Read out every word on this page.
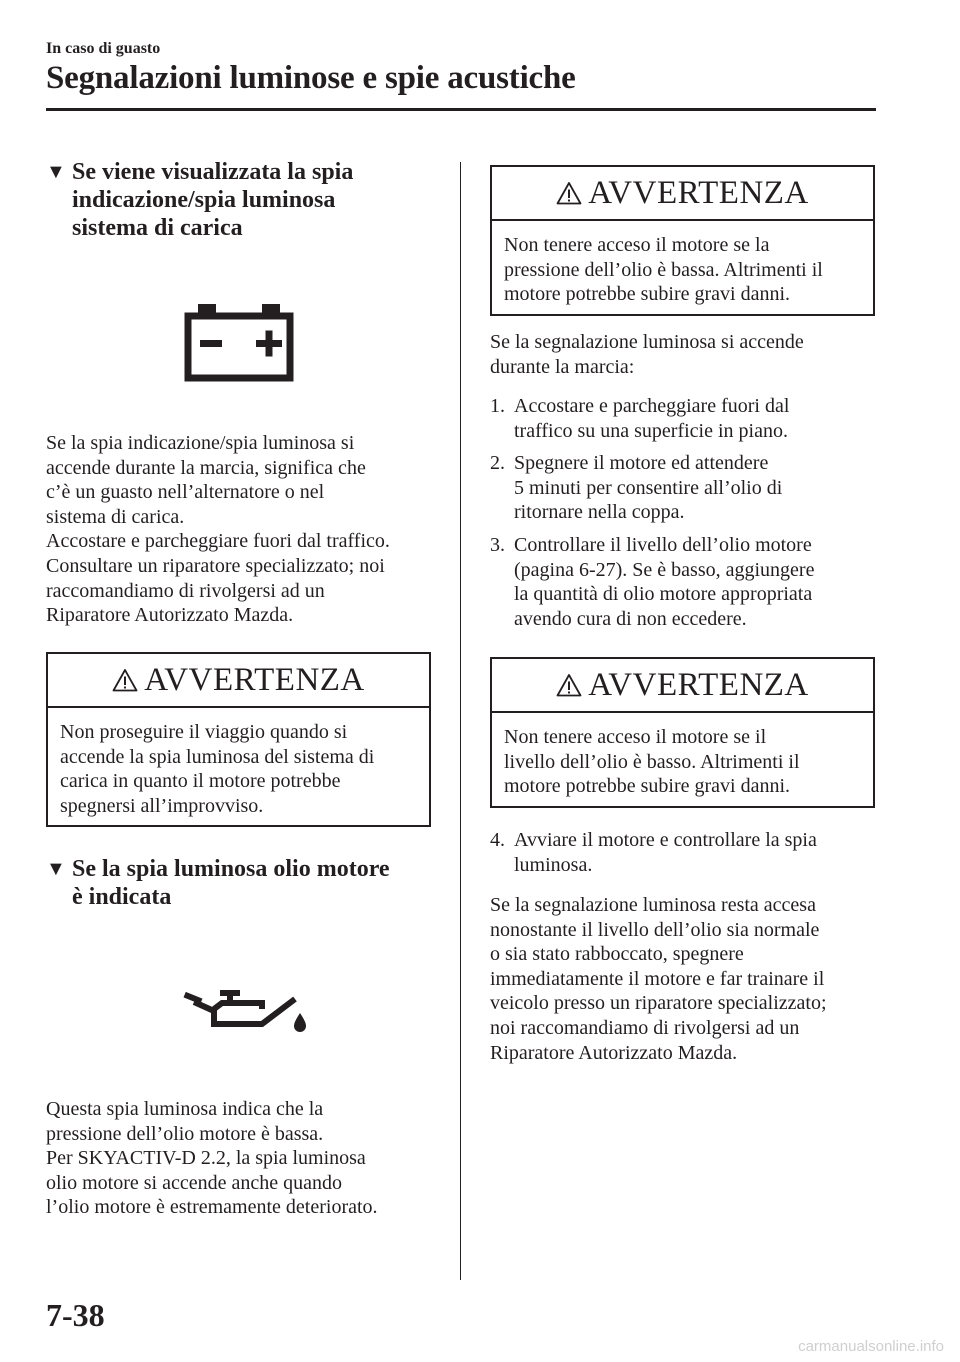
In caso di guasto
Segnalazioni luminose e spie acustiche
▼ Se viene visualizzata la spia
indicazione/spia luminosa
sistema di carica

Se la spia indicazione/spia luminosa si

accende durante la marcia, significa che

c’è un guasto nell’alternatore o nel

sistema di carica.

Accostare e parcheggiare fuori dal traffico.

Consultare un riparatore specializzato; noi

raccomandiamo di rivolgersi ad un

Riparatore Autorizzato Mazda.

AVVERTENZA
Non proseguire il viaggio quando si
accende la spia luminosa del sistema di
carica in quanto il motore potrebbe
spegnersi all’improvviso.
▼ Se la spia luminosa olio motore
è indicata

Questa spia luminosa indica che la

pressione dell’olio motore è bassa.

Per SKYACTIV-D 2.2, la spia luminosa

olio motore si accende anche quando

l’olio motore è estremamente deteriorato.

AVVERTENZA
Non tenere acceso il motore se la
pressione dell’olio è bassa. Altrimenti il
motore potrebbe subire gravi danni.

Se la segnalazione luminosa si accende

durante la marcia:

1. Accostare e parcheggiare fuori dal
traffico su una superficie in piano.
2. Spegnere il motore ed attendere
5 minuti per consentire all’olio di
ritornare nella coppa.
3. Controllare il livello dell’olio motore
(pagina 6-27). Se è basso, aggiungere
la quantità di olio motore appropriata
avendo cura di non eccedere.
AVVERTENZA
Non tenere acceso il motore se il
livello dell’olio è basso. Altrimenti il
motore potrebbe subire gravi danni.
4. Avviare il motore e controllare la spia
luminosa.

Se la segnalazione luminosa resta accesa

nonostante il livello dell’olio sia normale

o sia stato rabboccato, spegnere

immediatamente il motore e far trainare il

veicolo presso un riparatore specializzato;

noi raccomandiamo di rivolgersi ad un

Riparatore Autorizzato Mazda.

7-38
carmanualsonline.info
